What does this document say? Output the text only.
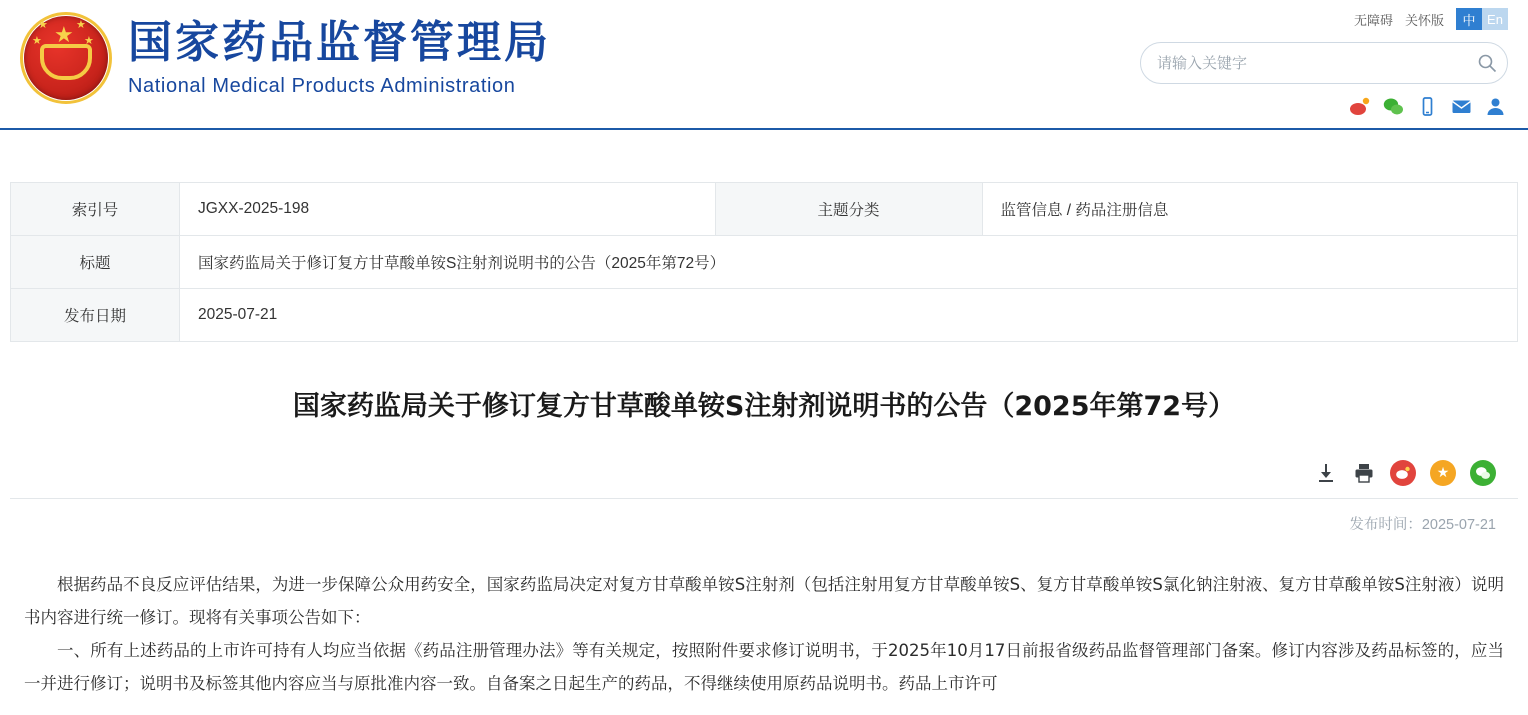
★
★	★
★	★ 国家药品监督管理局
National Medical Products Administration
无障碍 关怀版	中 En
请输入关键字
索引号	JGXX-2025-198	主题分类	监管信息 / 药品注册信息
标题	国家药监局关于修订复方甘草酸单铵S注射剂说明书的公告（2025年第72号）		
发布日期	2025-07-21		
国家药监局关于修订复方甘草酸单铵S注射剂说明书的公告（2025年第72号）
★
发布时间：2025-07-21

根据药品不良反应评估结果，为进一步保障公众用药安全，国家药监局决定对复方甘草酸单铵S注射剂（包括注射用复方甘草酸单铵S、复方甘草酸单铵S氯化钠注射液、复方甘草酸单铵S注射液）说明书内容进行统一修订。现将有关事项公告如下：

一、所有上述药品的上市许可持有人均应当依据《药品注册管理办法》等有关规定，按照附件要求修订说明书，于2025年10月17日前报省级药品监督管理部门备案。修订内容涉及药品标签的，应当一并进行修订；说明书及标签其他内容应当与原批准内容一致。自备案之日起生产的药品，不得继续使用原药品说明书。药品上市许可
